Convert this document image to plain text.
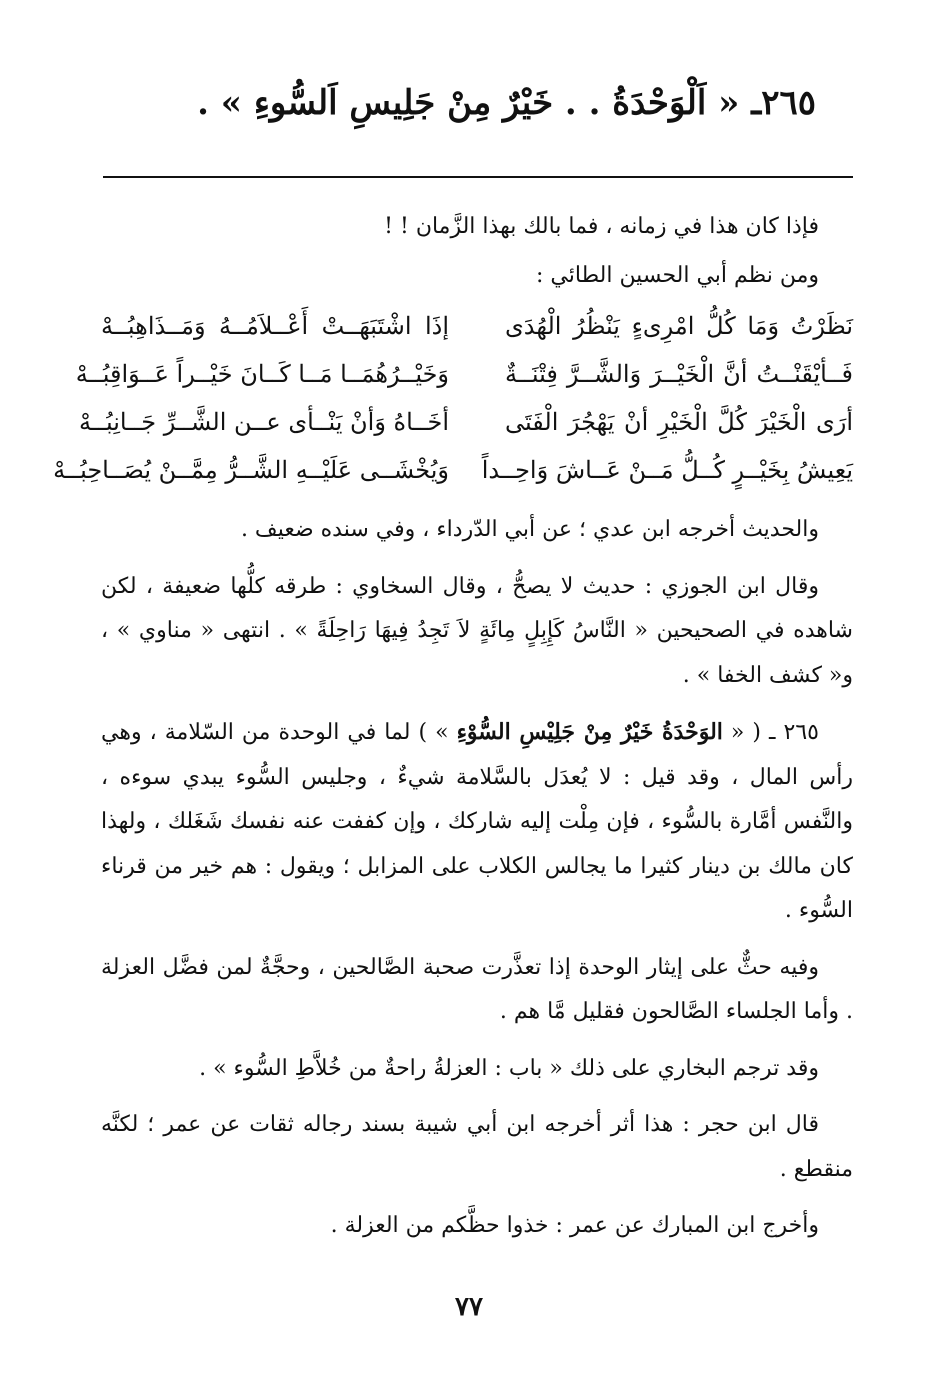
٢٦٥ـ « اَلْوَحْدَةُ . . خَيْرٌ مِنْ جَلِيسِ اَلسُّوءِ » .

فإذا كان هذا في زمانه ، فما بالك بهذا الزَّمان ! !

ومن نظم أبي الحسين الطائي :

نَظَرْتُ وَمَا كُلُّ امْرِىءٍ يَنْظُرُ الْهُدَى
إذَا اشْتَبَهَــتْ أَعْــلاَمُــهُ وَمَــذَاهِبُــهْ
فَــأيْقَنْــتُ أنَّ الْخَيْــرَ وَالشَّــرَّ فِتْنَــةٌ
وَخَيْــرُهُمَــا مَــا كَــانَ خَيْــراً عَــوَاقِبُــهْ
أرَى الْخَيْرَ كُلَّ الْخَيْرِ أنْ يَهْجُرَ الْفَتَى
أخَــاهُ وَأنْ يَنْــأى عــن الشَّــرِّ جَــانِبُــهْ
يَعِيشُ بِخَيْــرٍ كُــلُّ مَــنْ عَــاشَ وَاحِــداً
وَيُخْشَــى عَلَيْــهِ الشَّــرُّ مِمَّــنْ يُصَــاحِبُــهْ

والحديث أخرجه ابن عدي ؛ عن أبي الدّرداء ، وفي سنده ضعيف .

وقال ابن الجوزي : حديث لا يصحُّ ، وقال السخاوي : طرقه كلُّها ضعيفة ، لكن شاهده في الصحيحين « النَّاسُ كَإِبِلٍ مِائَةٍ لاَ تَجِدُ فِيهَا رَاحِلَةً » . انتهى « مناوي » ، و« كشف الخفا » .

٢٦٥ ـ ( « الوَحْدَةُ خَيْرٌ مِنْ جَلِيْسِ السُّوْءِ » ) لما في الوحدة من السّلامة ، وهي رأس المال ، وقد قيل : لا يُعدَل بالسَّلامة شيءٌ ، وجليس السُّوء يبدي سوءه ، والنَّفس أمَّارة بالسُّوء ، فإن مِلْت إليه شاركك ، وإن كففت عنه نفسك شَغَلك ، ولهذا كان مالك بن دينار كثيرا ما يجالس الكلاب على المزابل ؛ ويقول : هم خير من قرناء السُّوء .

وفيه حثٌّ على إيثار الوحدة إذا تعذَّرت صحبة الصَّالحين ، وحجَّةٌ لمن فضَّل العزلة . وأما الجلساء الصَّالحون فقليل مَّا هم .

وقد ترجم البخاري على ذلك « باب : العزلةُ راحةٌ من خُلاَّطِ السُّوء » .

قال ابن حجر : هذا أثر أخرجه ابن أبي شيبة بسند رجاله ثقات عن عمر ؛ لكنَّه منقطع .

وأخرج ابن المبارك عن عمر : خذوا حظَّكم من العزلة .

٧٧
